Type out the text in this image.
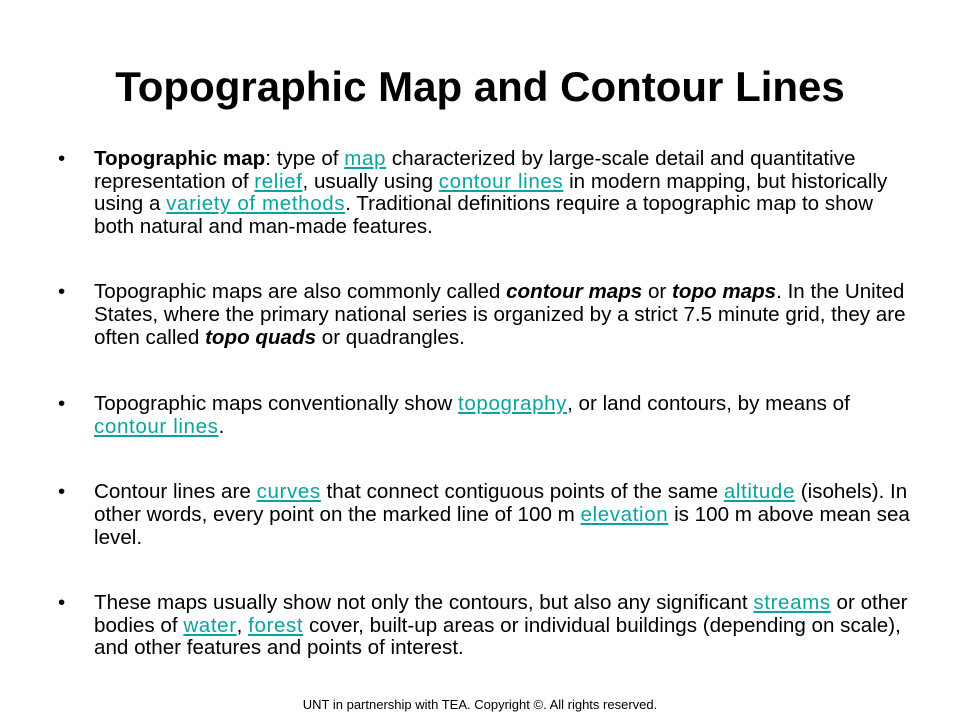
Topographic Map and Contour Lines
• Topographic map: type of map characterized by large-scale detail and quantitative representation of relief, usually using contour lines in modern mapping, but historically using a variety of methods. Traditional definitions require a topographic map to show both natural and man-made features.
• Topographic maps are also commonly called contour maps or topo maps. In the United States, where the primary national series is organized by a strict 7.5 minute grid, they are often called topo quads or quadrangles.
• Topographic maps conventionally show topography, or land contours, by means of contour lines.
• Contour lines are curves that connect contiguous points of the same altitude (isohels). In other words, every point on the marked line of 100 m elevation is 100 m above mean sea level.
• These maps usually show not only the contours, but also any significant streams or other bodies of water, forest cover, built-up areas or individual buildings (depending on scale), and other features and points of interest.
UNT in partnership with TEA. Copyright ©. All rights reserved.
